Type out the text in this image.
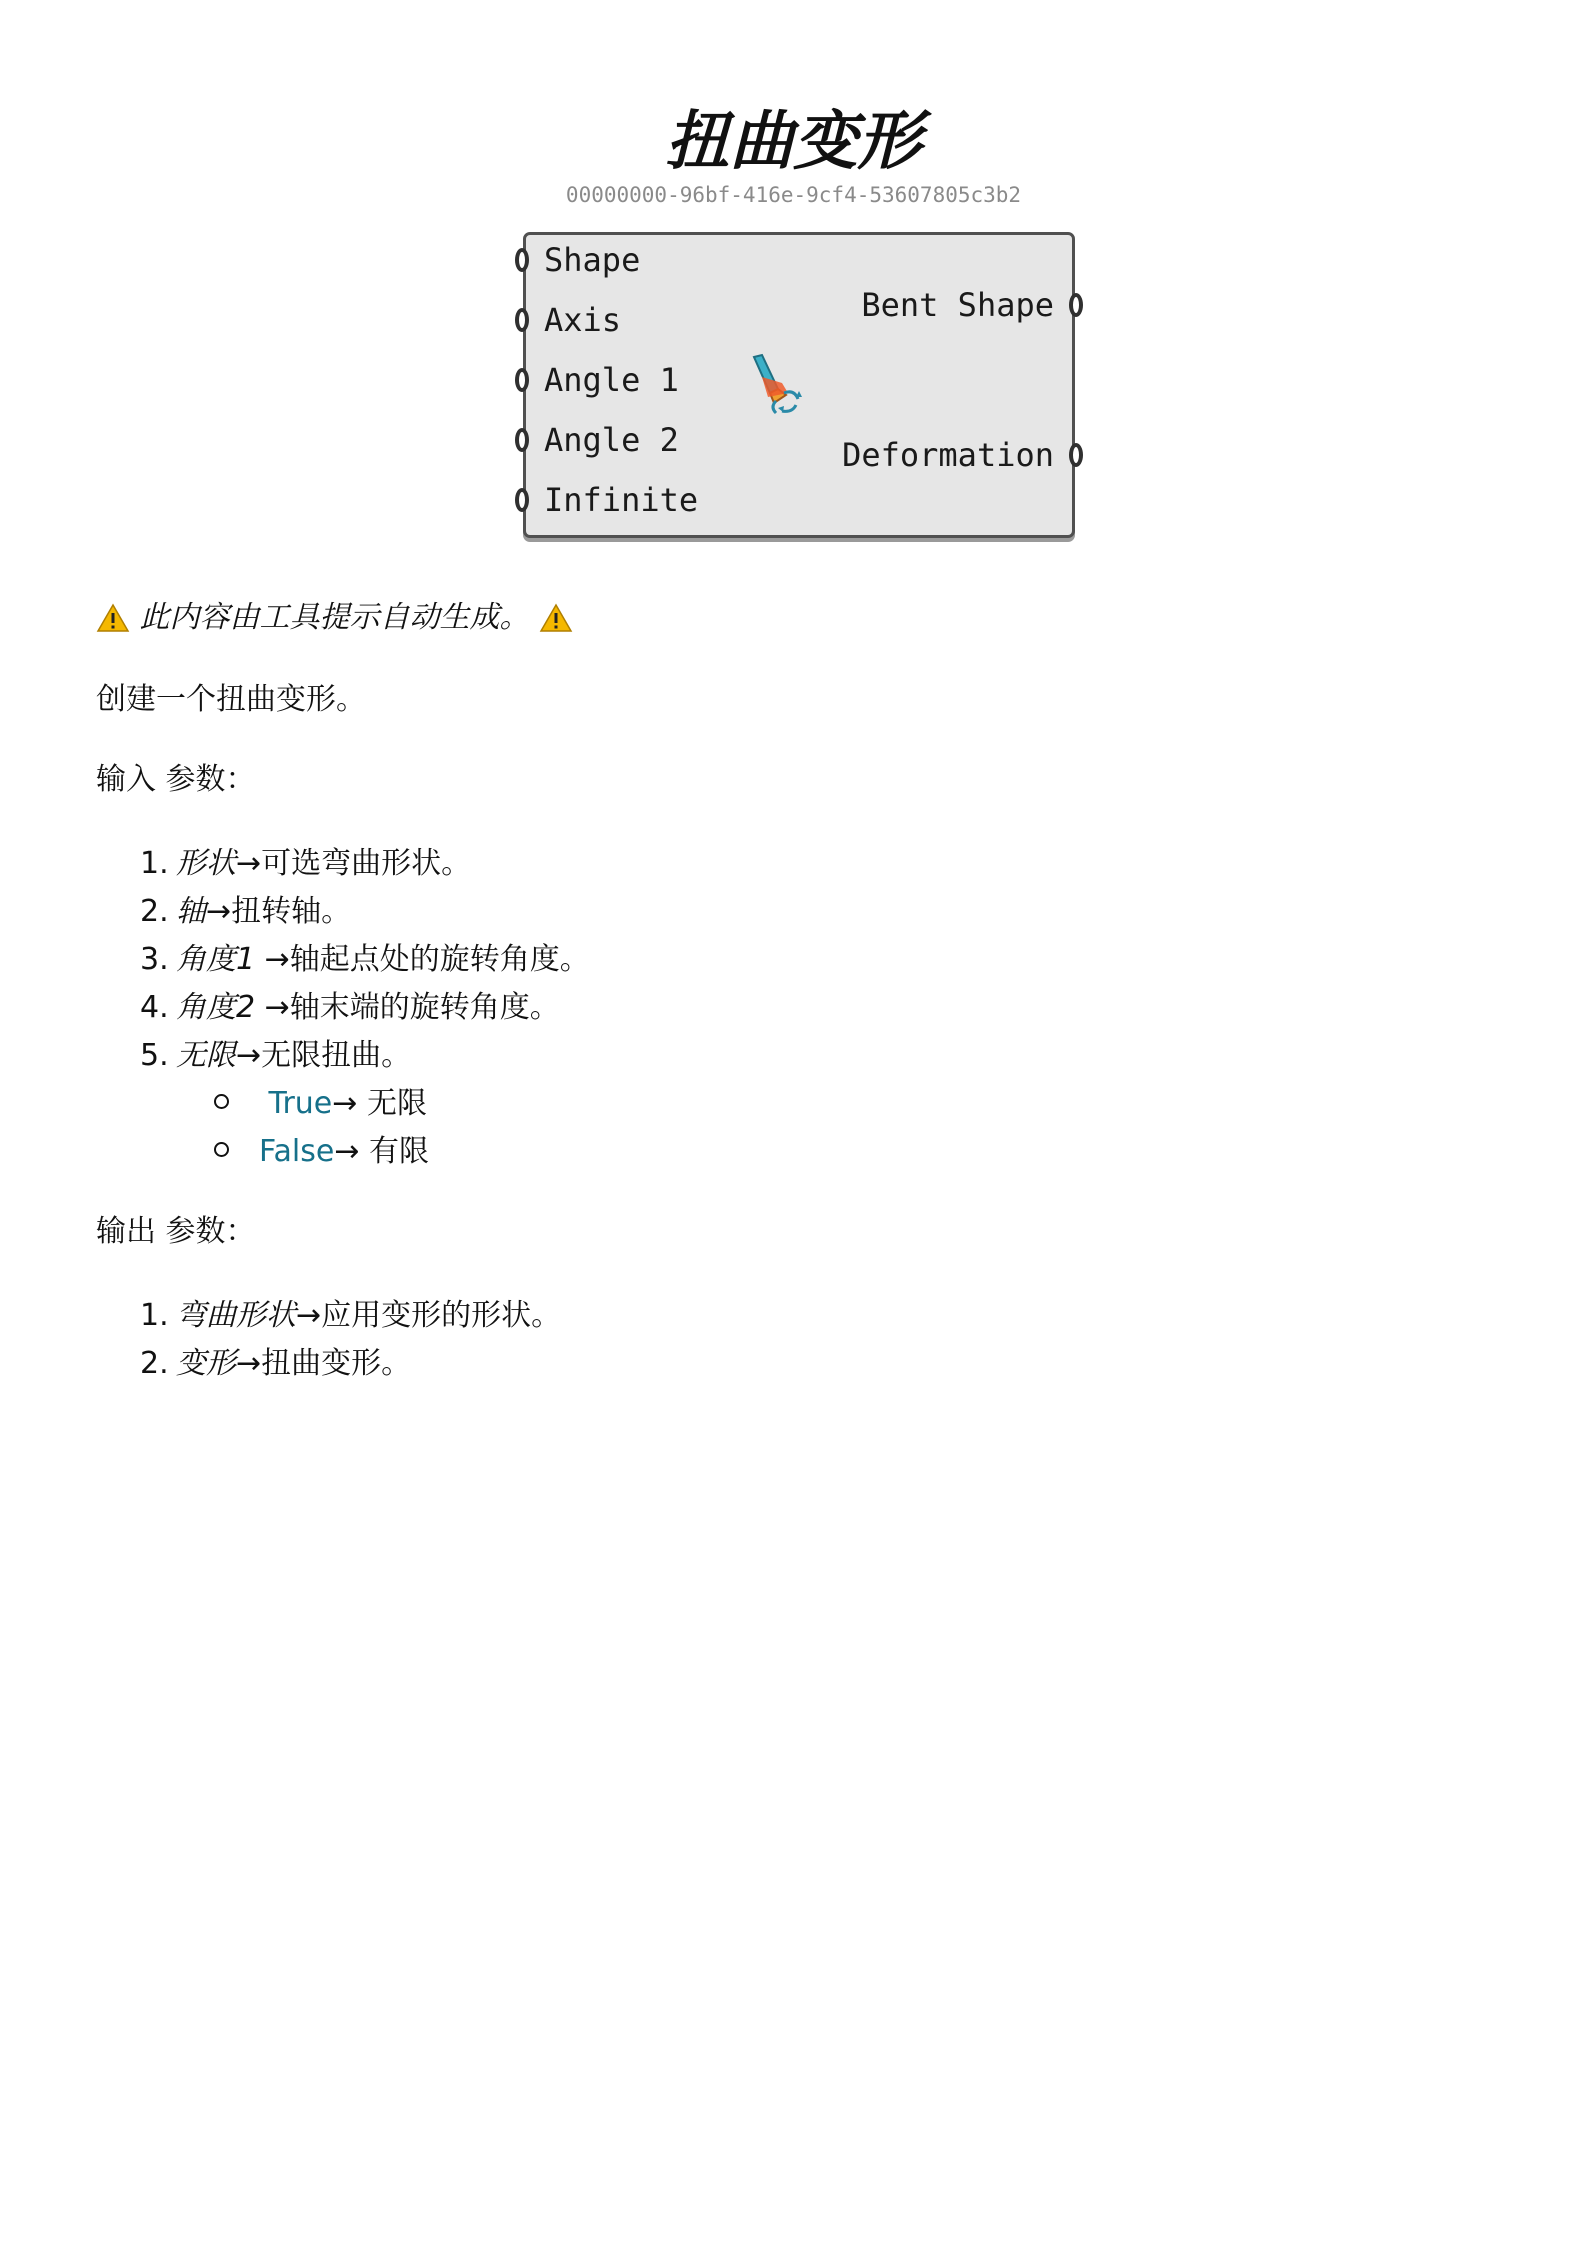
扭曲变形
00000000-96bf-416e-9cf4-53607805c3b2
Shape
Axis
Angle 1
Angle 2
Infinite
Bent Shape
Deformation
此内容由工具提示自动生成。
创建一个扭曲变形。
输入 参数：
1. 形状→可选弯曲形状。
2. 轴→扭转轴。
3. 角度1 →轴起点处的旋转角度。
4. 角度2 →轴末端的旋转角度。
5. 无限→无限扭曲。
True→ 无限
False→ 有限
输出 参数：
1. 弯曲形状→应用变形的形状。
2. 变形→扭曲变形。
